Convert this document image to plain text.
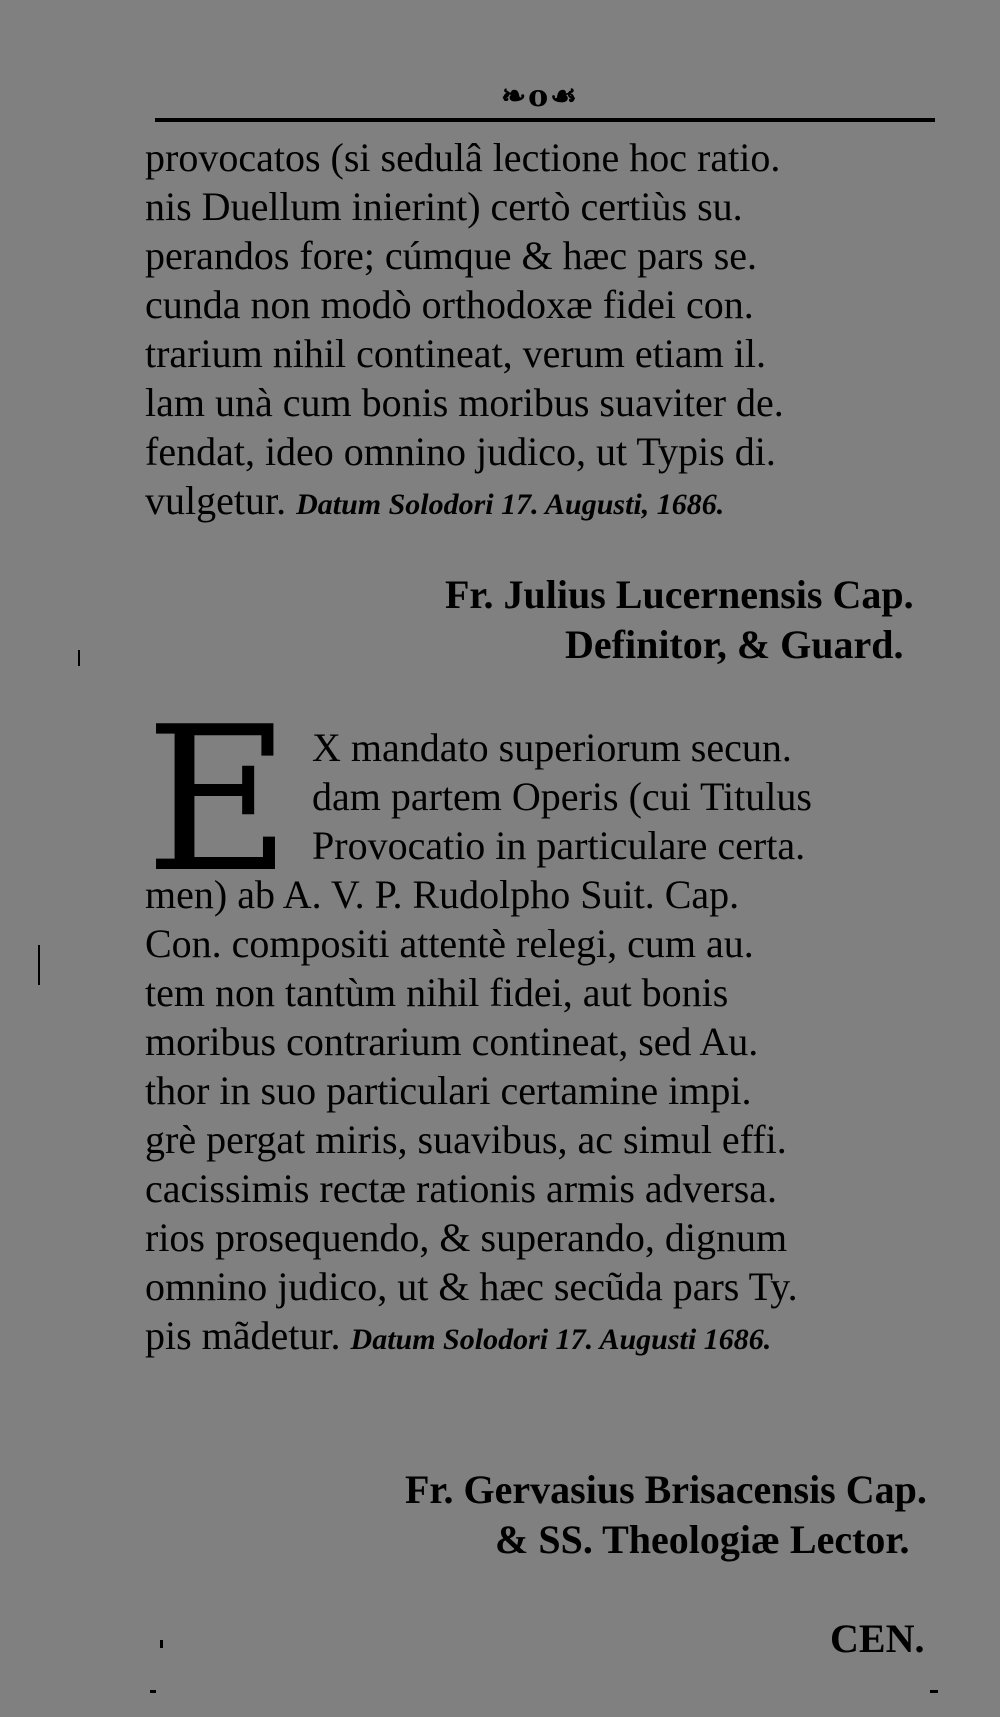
❧o☙
provocatos (si sedulâ lectione hoc ratio.
nis Duellum inierint) certò certiùs su.
perandos fore; cúmque & hæc pars se.
cunda non modò orthodoxæ fidei con.
trarium nihil contineat, verum etiam il.
lam unà cum bonis moribus suaviter de.
fendat, ideo omnino judico, ut Typis di.
vulgetur. Datum Solodori 17. Augusti, 1686.
Fr. Julius Lucernensis Cap.
Definitor, & Guard.
E X mandato superiorum secun.
dam partem Operis (cui Titulus
Provocatio in particulare certa.
men) ab A. V. P. Rudolpho Suit. Cap.
Con. compositi attentè relegi, cum au.
tem non tantùm nihil fidei, aut bonis
moribus contrarium contineat, sed Au.
thor in suo particulari certamine impi.
grè pergat miris, suavibus, ac simul effi.
cacissimis rectæ rationis armis adversa.
rios prosequendo, & superando, dignum
omnino judico, ut & hæc secũda pars Ty.
pis mãdetur. Datum Solodori 17. Augusti 1686.
Fr. Gervasius Brisacensis Cap.
& SS. Theologiæ Lector.
CEN.
